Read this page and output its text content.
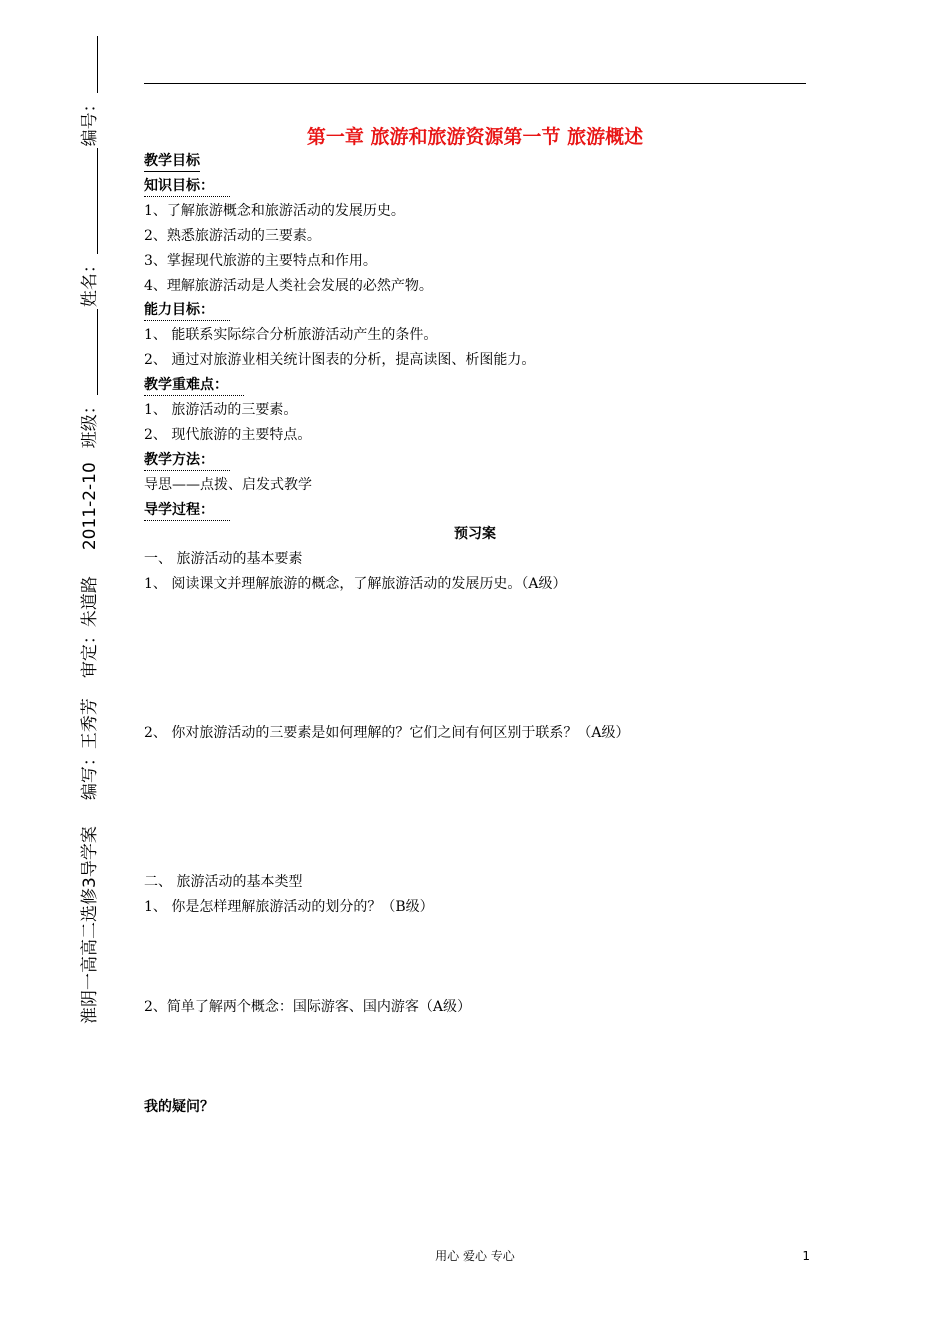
淮阴一高高二选修3导学案
编写：
王秀芳
审定：
朱道路
2011-2-10
班级：
姓名：
编号：	第一章 旅游和旅游资源第一节 旅游概述
教学目标
知识目标：
1、了解旅游概念和旅游活动的发展历史。
2、熟悉旅游活动的三要素。
3、掌握现代旅游的主要特点和作用。
4、理解旅游活动是人类社会发展的必然产物。
能力目标：
1、 能联系实际综合分析旅游活动产生的条件。
2、 通过对旅游业相关统计图表的分析，提高读图、析图能力。
教学重难点：
1、 旅游活动的三要素。
2、 现代旅游的主要特点。
教学方法：
导思——点拨、启发式教学
导学过程：
预习案
一、 旅游活动的基本要素
1、 阅读课文并理解旅游的概念，了解旅游活动的发展历史。（A级）
2、 你对旅游活动的三要素是如何理解的？它们之间有何区别于联系？（A级）
二、 旅游活动的基本类型
1、 你是怎样理解旅游活动的划分的？（B级）
2、简单了解两个概念：国际游客、国内游客（A级）
我的疑问？
用心 爱心 专心	1
